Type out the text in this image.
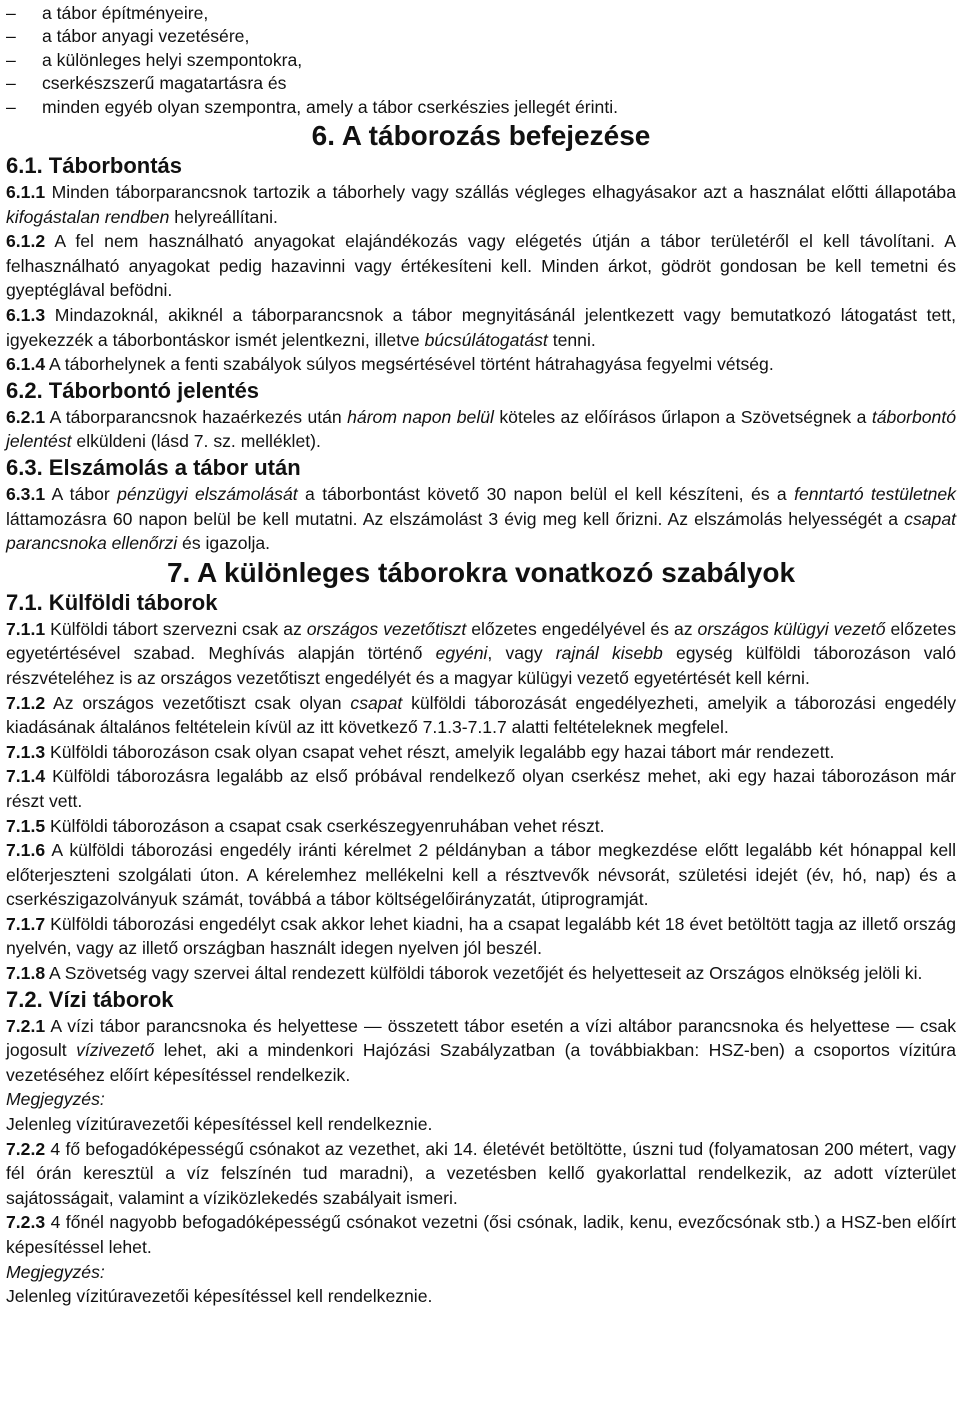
– a tábor építményeire,

– a tábor anyagi vezetésére,

– a különleges helyi szempontokra,

– cserkészszerű magatartásra és

– minden egyéb olyan szempontra, amely a tábor cserkészies jellegét érinti.

6. A táborozás befejezése
6.1. Táborbontás

6.1.1 Minden táborparancsnok tartozik a táborhely vagy szállás végleges elhagyásakor azt a használat előtti állapotába kifogástalan rendben helyreállítani.

6.1.2 A fel nem használható anyagokat elajándékozás vagy elégetés útján a tábor területéről el kell távolítani. A felhasználható anyagokat pedig hazavinni vagy értékesíteni kell. Minden árkot, gödröt gondosan be kell temetni és gyeptéglával befödni.

6.1.3 Mindazoknál, akiknél a táborparancsnok a tábor megnyitásánál jelentkezett vagy bemutatkozó látogatást tett, igyekezzék a táborbontáskor ismét jelentkezni, illetve búcsúlátogatást tenni.

6.1.4 A táborhelynek a fenti szabályok súlyos megsértésével történt hátrahagyása fegyelmi vétség.

6.2. Táborbontó jelentés

6.2.1 A táborparancsnok hazaérkezés után három napon belül köteles az előírásos űrlapon a Szövetségnek a táborbontó jelentést elküldeni (lásd 7. sz. melléklet).

6.3. Elszámolás a tábor után

6.3.1 A tábor pénzügyi elszámolását a táborbontást követő 30 napon belül el kell készíteni, és a fenntartó testületnek láttamozásra 60 napon belül be kell mutatni. Az elszámolást 3 évig meg kell őrizni. Az elszámolás helyességét a csapat parancsnoka ellenőrzi és igazolja.

7. A különleges táborokra vonatkozó szabályok
7.1. Külföldi táborok

7.1.1 Külföldi tábort szervezni csak az országos vezetőtiszt előzetes engedélyével és az országos külügyi vezető előzetes egyetértésével szabad. Meghívás alapján történő egyéni, vagy rajnál kisebb egység külföldi táborozáson való részvételéhez is az országos vezetőtiszt engedélyét és a magyar külügyi vezető egyetértését kell kérni.

7.1.2 Az országos vezetőtiszt csak olyan csapat külföldi táborozását engedélyezheti, amelyik a táborozási engedély kiadásának általános feltételein kívül az itt következő 7.1.3-7.1.7 alatti feltételeknek megfelel.

7.1.3 Külföldi táborozáson csak olyan csapat vehet részt, amelyik legalább egy hazai tábort már rendezett.

7.1.4 Külföldi táborozásra legalább az első próbával rendelkező olyan cserkész mehet, aki egy hazai táborozáson már részt vett.

7.1.5 Külföldi táborozáson a csapat csak cserkészegyenruhában vehet részt.

7.1.6 A külföldi táborozási engedély iránti kérelmet 2 példányban a tábor megkezdése előtt legalább két hónappal kell előterjeszteni szolgálati úton. A kérelemhez mellékelni kell a résztvevők névsorát, születési idejét (év, hó, nap) és a cserkészigazolványuk számát, továbbá a tábor költségelőirányzatát, útiprogramját.

7.1.7 Külföldi táborozási engedélyt csak akkor lehet kiadni, ha a csapat legalább két 18 évet betöltött tagja az illető ország nyelvén, vagy az illető országban használt idegen nyelven jól beszél.

7.1.8 A Szövetség vagy szervei által rendezett külföldi táborok vezetőjét és helyetteseit az Országos elnökség jelöli ki.

7.2. Vízi táborok

7.2.1 A vízi tábor parancsnoka és helyettese — összetett tábor esetén a vízi altábor parancsnoka és helyettese — csak jogosult vízivezető lehet, aki a mindenkori Hajózási Szabályzatban (a továbbiakban: HSZ-ben) a csoportos vízitúra vezetéséhez előírt képesítéssel rendelkezik.

Megjegyzés:

Jelenleg vízitúravezetői képesítéssel kell rendelkeznie.

7.2.2 4 fő befogadóképességű csónakot az vezethet, aki 14. életévét betöltötte, úszni tud (folyamatosan 200 métert, vagy fél órán keresztül a víz felszínén tud maradni), a vezetésben kellő gyakorlattal rendelkezik, az adott vízterület sajátosságait, valamint a víziközlekedés szabályait ismeri.

7.2.3 4 főnél nagyobb befogadóképességű csónakot vezetni (ősi csónak, ladik, kenu, evezőcsónak stb.) a HSZ-ben előírt képesítéssel lehet.

Megjegyzés:

Jelenleg vízitúravezetői képesítéssel kell rendelkeznie.
